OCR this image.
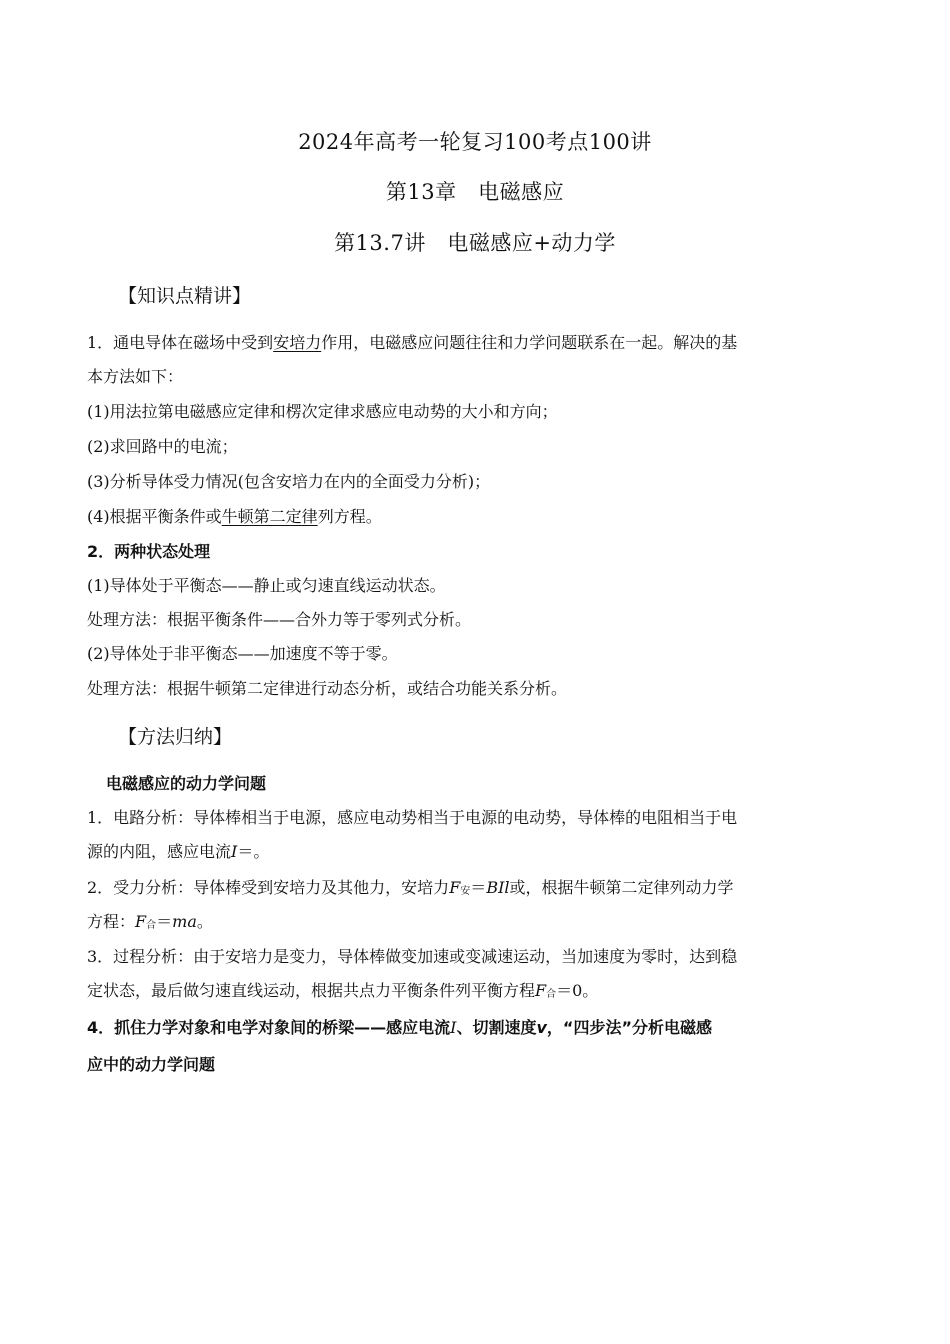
2024年高考一轮复习100考点100讲
第13章　电磁感应
第13.7讲　电磁感应+动力学
【知识点精讲】
1．通电导体在磁场中受到安培力作用，电磁感应问题往往和力学问题联系在一起。解决的基
本方法如下：
(1)用法拉第电磁感应定律和楞次定律求感应电动势的大小和方向；
(2)求回路中的电流；
(3)分析导体受力情况(包含安培力在内的全面受力分析)；
(4)根据平衡条件或牛顿第二定律列方程。
2．两种状态处理
(1)导体处于平衡态——静止或匀速直线运动状态。
处理方法：根据平衡条件——合外力等于零列式分析。
(2)导体处于非平衡态——加速度不等于零。
处理方法：根据牛顿第二定律进行动态分析，或结合功能关系分析。
【方法归纳】
电磁感应的动力学问题
1．电路分析：导体棒相当于电源，感应电动势相当于电源的电动势，导体棒的电阻相当于电
源的内阻，感应电流I＝。
2．受力分析：导体棒受到安培力及其他力，安培力F安＝BIl或，根据牛顿第二定律列动力学
方程：F合＝ma。
3．过程分析：由于安培力是变力，导体棒做变加速或变减速运动，当加速度为零时，达到稳
定状态，最后做匀速直线运动，根据共点力平衡条件列平衡方程F合＝0。
4．抓住力学对象和电学对象间的桥梁——感应电流I、切割速度v，“四步法”分析电磁感
应中的动力学问题
